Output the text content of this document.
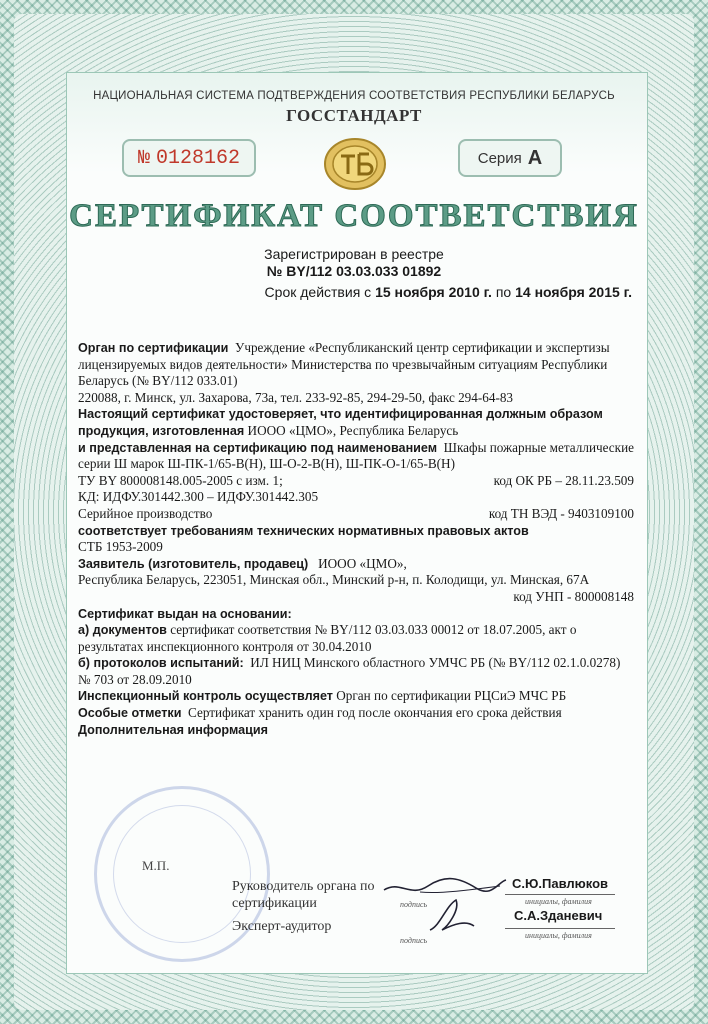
НАЦИОНАЛЬНАЯ СИСТЕМА ПОДТВЕРЖДЕНИЯ СООТВЕТСТВИЯ РЕСПУБЛИКИ БЕЛАРУСЬ
ГОССТАНДАРТ
№ 0128162	Серия А
СЕРТИФИКАТ СООТВЕТСТВИЯ
Зарегистрирован в реестре
№ BY/112 03.03.033 01892
Срок действия с 15 ноября 2010 г. по 14 ноября 2015 г.

Орган по сертификации Учреждение «Республиканский центр сертификации и экспертизы лицензируемых видов деятельности» Министерства по чрезвычайным ситуациям Республики Беларусь (№ BY/112 033.01)

220088, г. Минск, ул. Захарова, 73а, тел. 233-92-85, 294-29-50, факс 294-64-83

Настоящий сертификат удостоверяет, что идентифицированная должным образом продукция, изготовленная ИООО «ЦМО», Республика Беларусь

и представленная на сертификацию под наименованием Шкафы пожарные металлические серии Ш марок Ш-ПК-1/65-В(Н), Ш-О-2-В(Н), Ш-ПК-О-1/65-В(Н)

ТУ BY 800008148.005-2005 с изм. 1;	код ОК РБ – 28.11.23.509

КД: ИДФУ.301442.300 – ИДФУ.301442.305

Серийное производство	код ТН ВЭД - 9403109100

соответствует требованиям технических нормативных правовых актов

СТБ 1953-2009

Заявитель (изготовитель, продавец) ИООО «ЦМО»,

Республика Беларусь, 223051, Минская обл., Минский р-н, п. Колодищи, ул. Минская, 67А

код УНП - 800008148

Сертификат выдан на основании:

а) документов сертификат соответствия № BY/112 03.03.033 00012 от 18.07.2005, акт о результатах инспекционного контроля от 30.04.2010

б) протоколов испытаний: ИЛ НИЦ Минского областного УМЧС РБ (№ BY/112 02.1.0.0278) № 703 от 28.09.2010

Инспекционный контроль осуществляет Орган по сертификации РЦСиЭ МЧС РБ

Особые отметки Сертификат хранить один год после окончания его срока действия

Дополнительная информация

М.П.
Руководитель органа по сертификации	подпись
С.Ю.Павлюков
инициалы, фамилия
Эксперт-аудитор
подпись
С.А.Зданевич
инициалы, фамилия
